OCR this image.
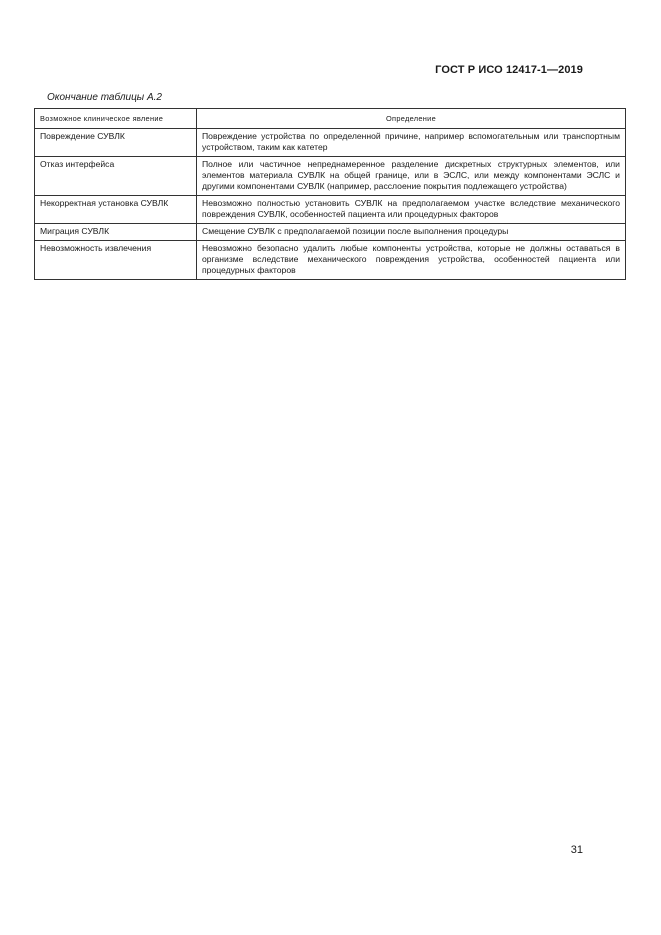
ГОСТ Р ИСО 12417-1—2019
Окончание таблицы А.2
Возможное клиническое явление	Определение
Повреждение СУВЛК	Повреждение устройства по определенной причине, например вспомогательным или транспортным устройством, таким как катетер
Отказ интерфейса	Полное или частичное непреднамеренное разделение дискретных структурных элементов, или элементов материала СУВЛК на общей границе, или в ЭСЛС, или между компонентами ЭСЛС и другими компонентами СУВЛК (например, расслоение покрытия подлежащего устройства)
Некорректная установка СУВЛК	Невозможно полностью установить СУВЛК на предполагаемом участке вследствие механического повреждения СУВЛК, особенностей пациента или процедурных факторов
Миграция СУВЛК	Смещение СУВЛК с предполагаемой позиции после выполнения процедуры
Невозможность извлечения	Невозможно безопасно удалить любые компоненты устройства, которые не должны оставаться в организме вследствие механического повреждения устройства, особенностей пациента или процедурных факторов
31
